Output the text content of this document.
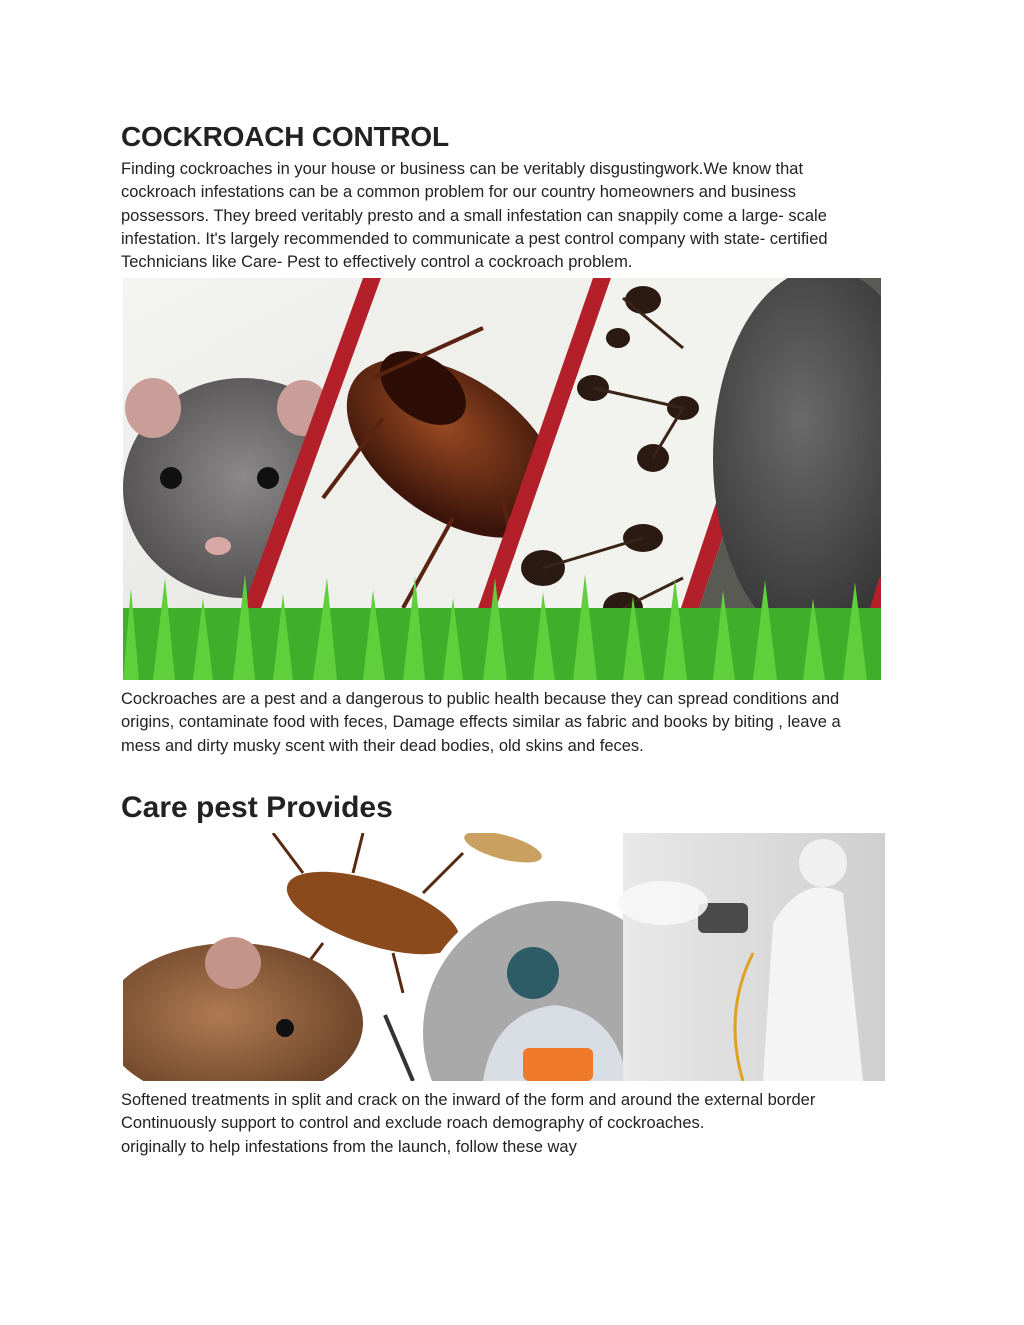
COCKROACH CONTROL
Finding cockroaches in your house or business can be veritably disgustingwork.We know that
cockroach infestations can be a common problem for our country homeowners and business
possessors. They breed veritably presto and a small infestation can snappily come a large- scale
infestation. It's largely recommended to communicate a pest control company with state- certified
Technicians like Care- Pest to effectively control a cockroach problem.
Cockroaches are a pest and a dangerous to public health because they can spread conditions and
origins, contaminate food with feces, Damage effects similar as fabric and books by biting , leave a
mess and dirty musky scent with their dead bodies, old skins and feces.
Care pest Provides
Softened treatments in split and crack on the inward of the form and around the external border
Continuously support to control and exclude roach demography of cockroaches.
originally to help infestations from the launch, follow these way
